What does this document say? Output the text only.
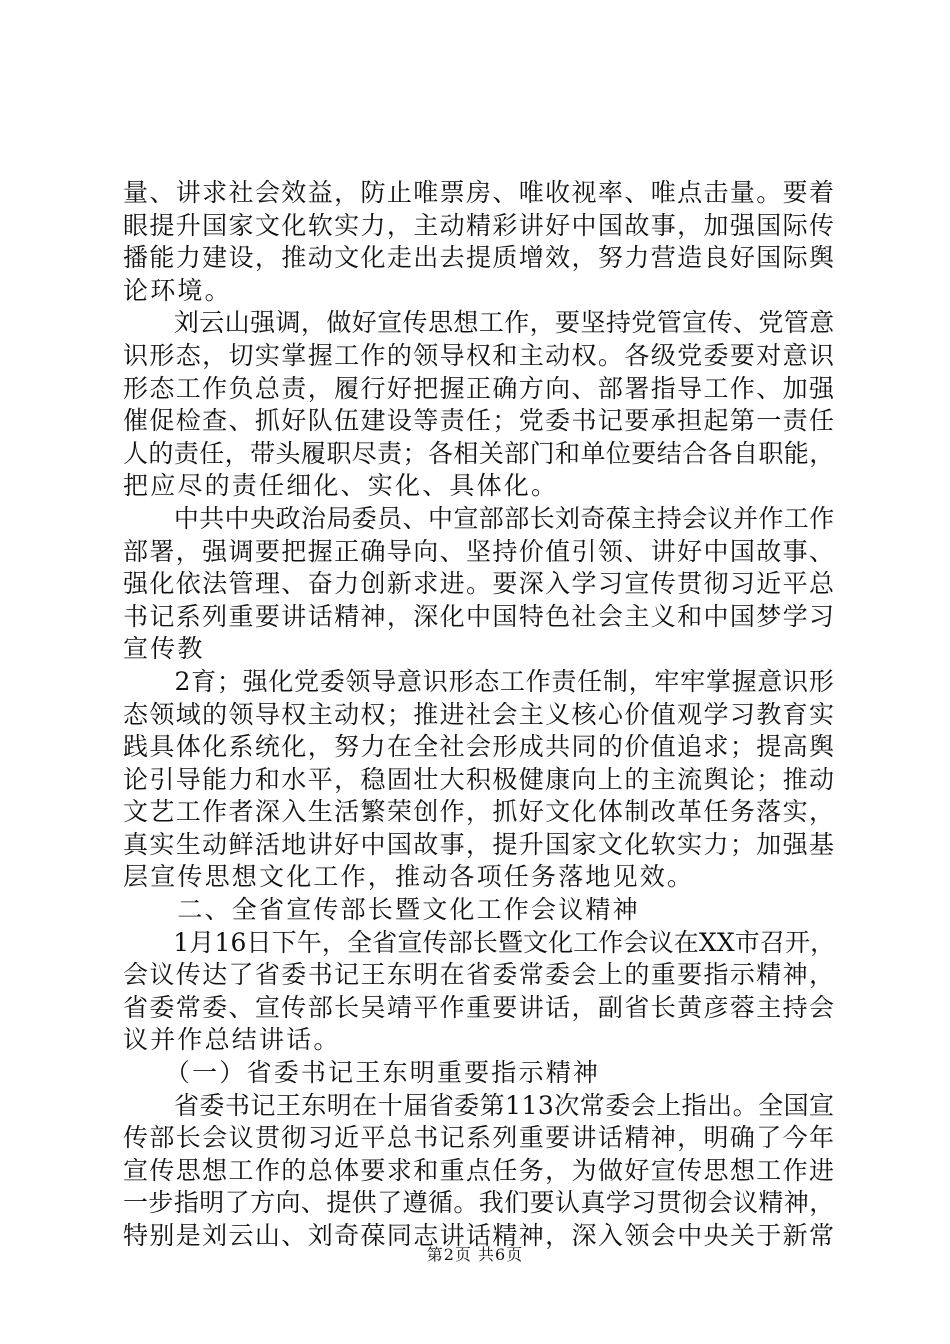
量、讲求社会效益，防止唯票房、唯收视率、唯点击量。要着
眼提升国家文化软实力，主动精彩讲好中国故事，加强国际传
播能力建设，推动文化走出去提质增效，努力营造良好国际舆
论环境。
　　刘云山强调，做好宣传思想工作，要坚持党管宣传、党管意
识形态，切实掌握工作的领导权和主动权。各级党委要对意识
形态工作负总责，履行好把握正确方向、部署指导工作、加强
催促检查、抓好队伍建设等责任；党委书记要承担起第一责任
人的责任，带头履职尽责；各相关部门和单位要结合各自职能，
把应尽的责任细化、实化、具体化。
　　中共中央政治局委员、中宣部部长刘奇葆主持会议并作工作
部署，强调要把握正确导向、坚持价值引领、讲好中国故事、
强化依法管理、奋力创新求进。要深入学习宣传贯彻习近平总
书记系列重要讲话精神，深化中国特色社会主义和中国梦学习
宣传教
　　2育；强化党委领导意识形态工作责任制，牢牢掌握意识形
态领域的领导权主动权；推进社会主义核心价值观学习教育实
践具体化系统化，努力在全社会形成共同的价值追求；提高舆
论引导能力和水平，稳固壮大积极健康向上的主流舆论；推动
文艺工作者深入生活繁荣创作，抓好文化体制改革任务落实，
真实生动鲜活地讲好中国故事，提升国家文化软实力；加强基
层宣传思想文化工作，推动各项任务落地见效。
　　二、全省宣传部长暨文化工作会议精神
　　1月16日下午，全省宣传部长暨文化工作会议在XX市召开，
会议传达了省委书记王东明在省委常委会上的重要指示精神，
省委常委、宣传部长吴靖平作重要讲话，副省长黄彦蓉主持会
议并作总结讲话。
　　（一）省委书记王东明重要指示精神
　　省委书记王东明在十届省委第113次常委会上指出。全国宣
传部长会议贯彻习近平总书记系列重要讲话精神，明确了今年
宣传思想工作的总体要求和重点任务，为做好宣传思想工作进
一步指明了方向、提供了遵循。我们要认真学习贯彻会议精神，
特别是刘云山、刘奇葆同志讲话精神，深入领会中央关于新常
第2页 共6页
